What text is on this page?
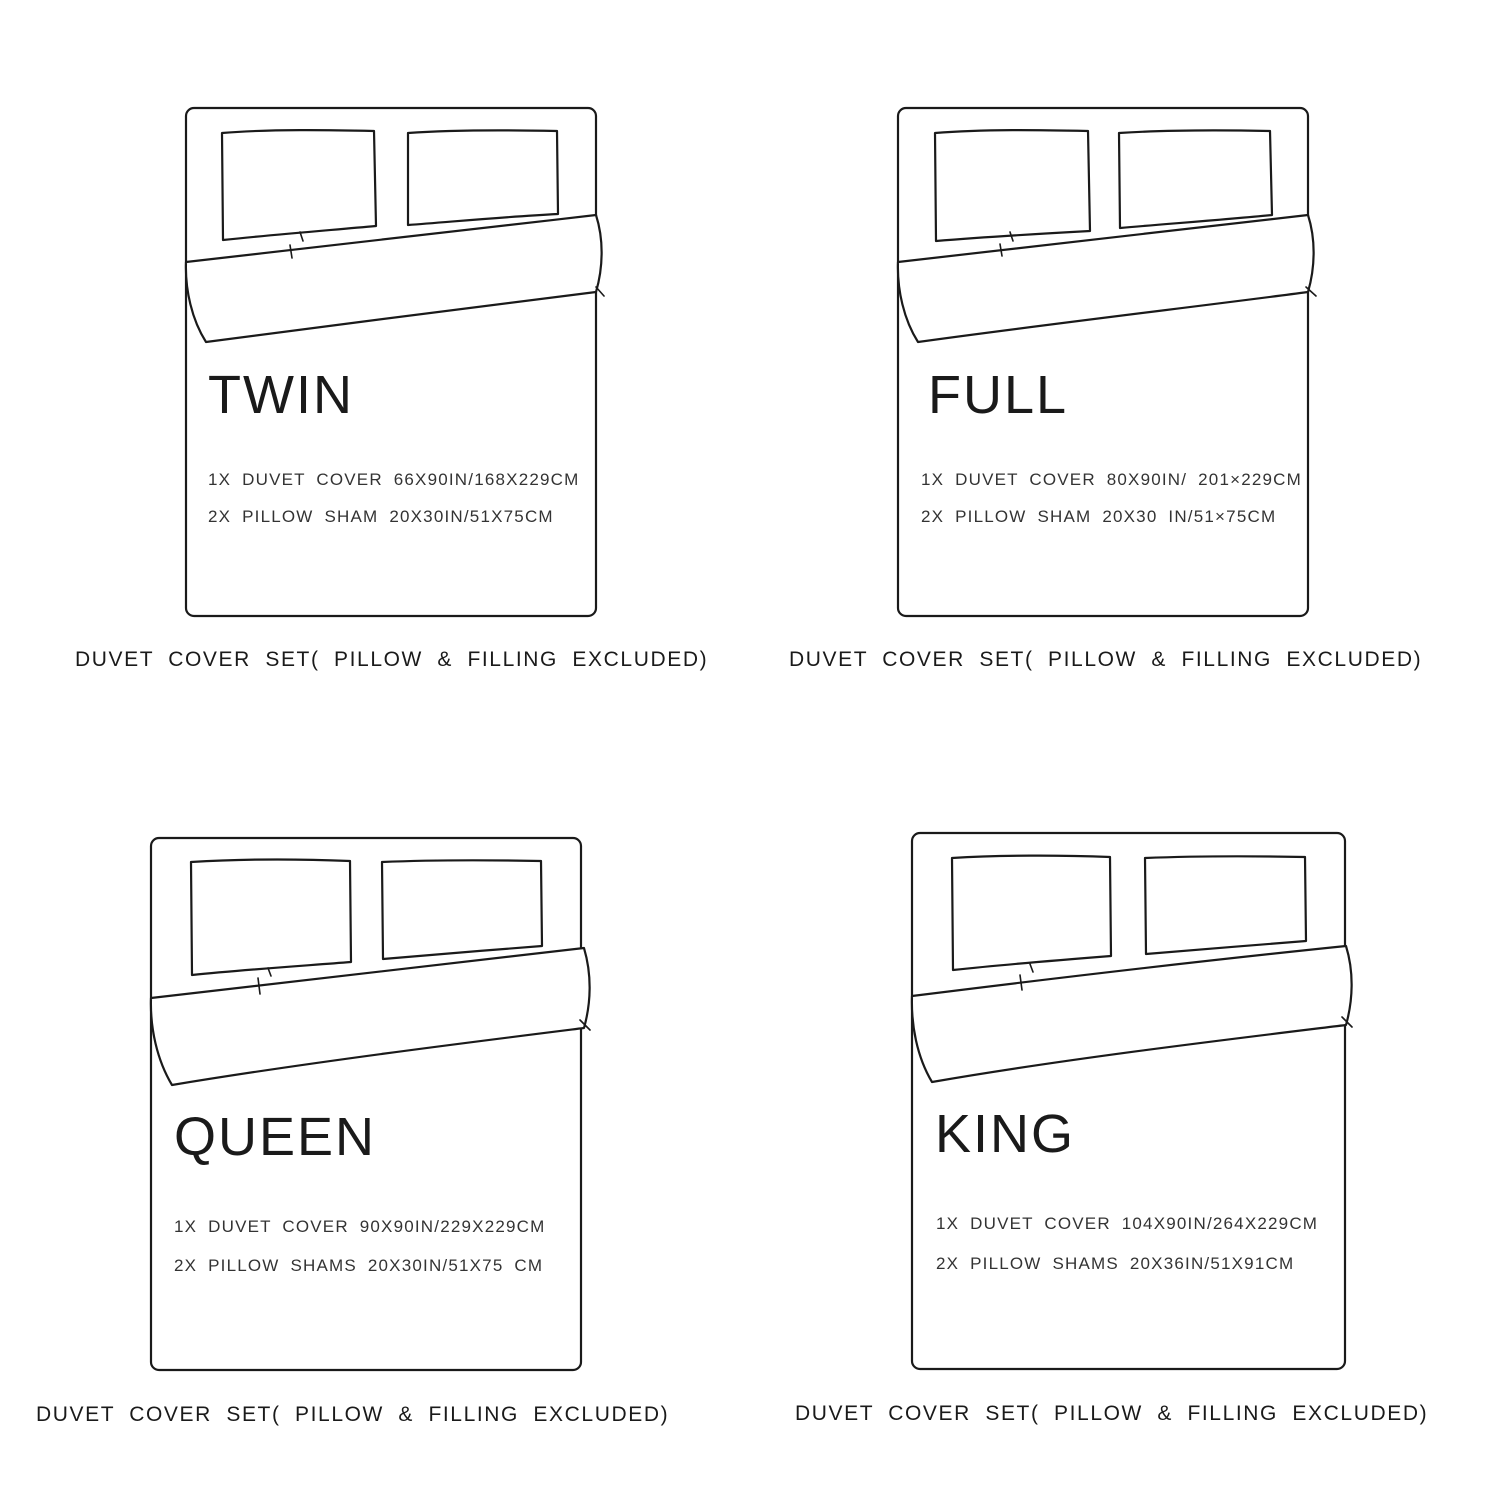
TWIN
1X DUVET COVER 66X90IN/168X229CM
2X PILLOW SHAM 20X30IN/51X75CM
DUVET COVER SET( PILLOW & FILLING EXCLUDED)
FULL
1X DUVET COVER 80X90IN/ 201×229CM
2X PILLOW SHAM 20X30 IN/51×75CM
DUVET COVER SET( PILLOW & FILLING EXCLUDED)
QUEEN
1X DUVET COVER 90X90IN/229X229CM
2X PILLOW SHAMS 20X30IN/51X75 CM
DUVET COVER SET( PILLOW & FILLING EXCLUDED)
KING
1X DUVET COVER 104X90IN/264X229CM
2X PILLOW SHAMS 20X36IN/51X91CM
DUVET COVER SET( PILLOW & FILLING EXCLUDED)
